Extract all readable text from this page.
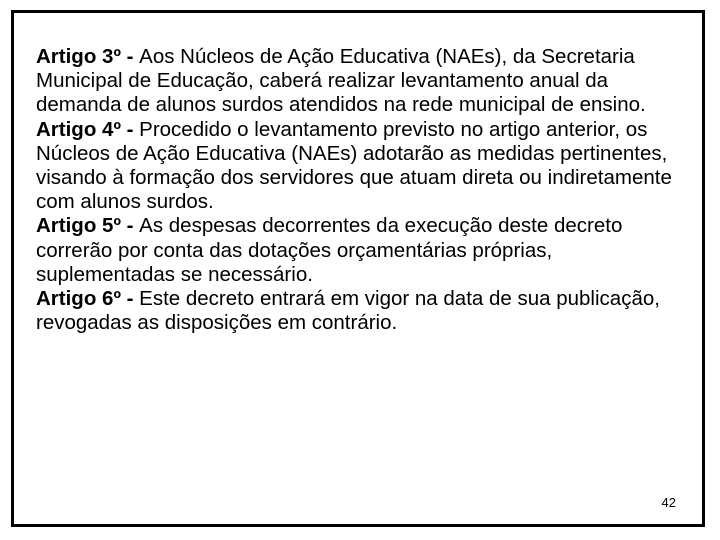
Artigo 3º - Aos Núcleos de Ação Educativa (NAEs), da Secretaria Municipal de Educação, caberá realizar levantamento anual da demanda de alunos surdos atendidos na rede municipal de ensino.

Artigo 4º - Procedido o levantamento previsto no artigo anterior, os Núcleos de Ação Educativa (NAEs) adotarão as medidas pertinentes, visando à formação dos servidores que atuam direta ou indiretamente com alunos surdos.

Artigo 5º - As despesas decorrentes da execução deste decreto correrão por conta das dotações orçamentárias próprias, suplementadas se necessário.

Artigo 6º - Este decreto entrará em vigor na data de sua publicação, revogadas as disposições em contrário.

42
